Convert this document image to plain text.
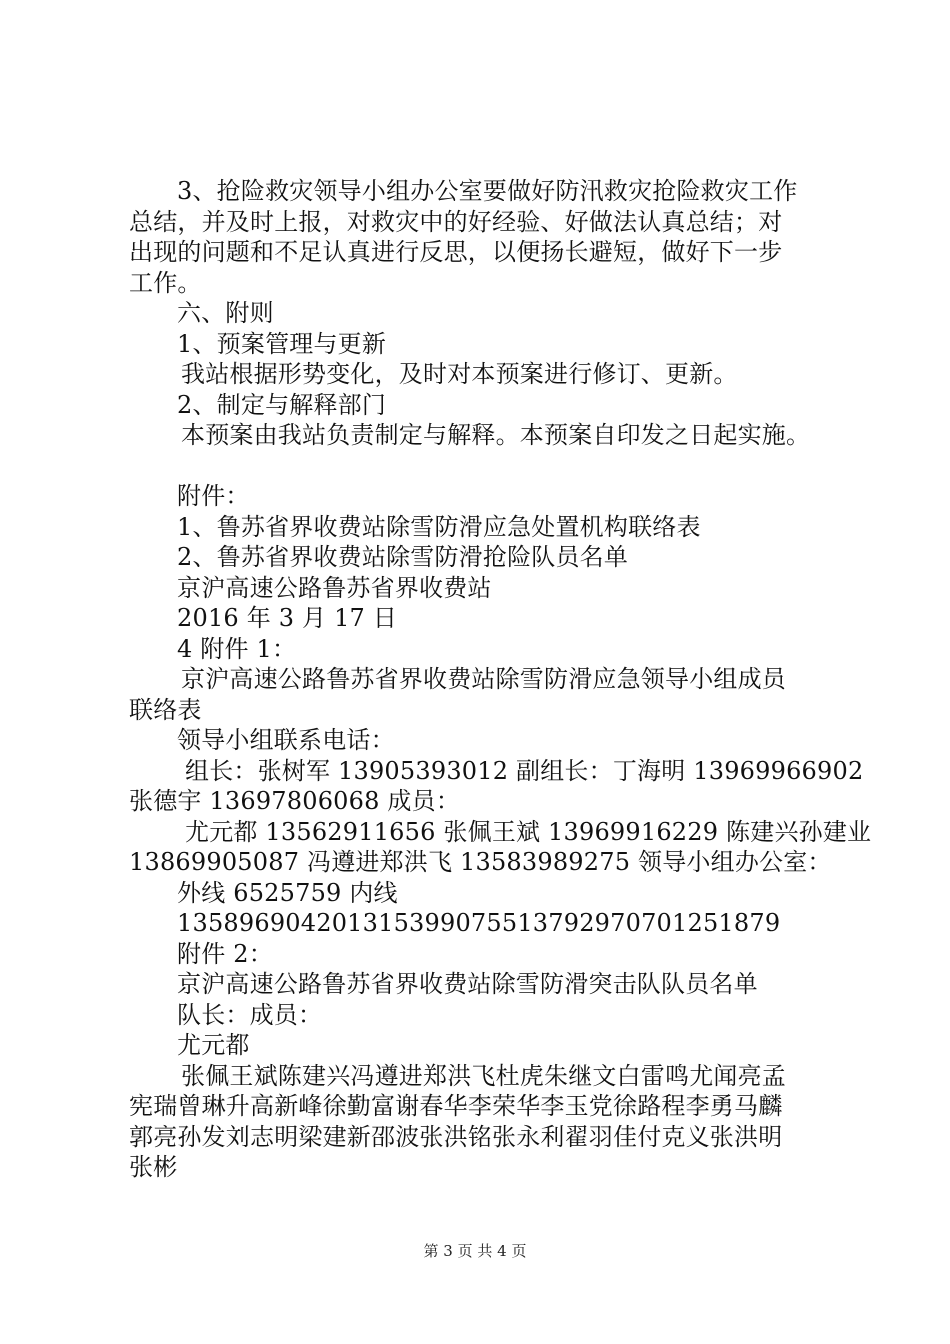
3、抢险救灾领导小组办公室要做好防汛救灾抢险救灾工作
总结，并及时上报，对救灾中的好经验、好做法认真总结；对
出现的问题和不足认真进行反思，以便扬长避短，做好下一步
工作。
六、附则
1、预案管理与更新
我站根据形势变化，及时对本预案进行修订、更新。
2、制定与解释部门
本预案由我站负责制定与解释。本预案自印发之日起实施。
附件：
1、鲁苏省界收费站除雪防滑应急处置机构联络表
2、鲁苏省界收费站除雪防滑抢险队员名单
京沪高速公路鲁苏省界收费站
2016 年 3 月 17 日
4 附件 1：
京沪高速公路鲁苏省界收费站除雪防滑应急领导小组成员
联络表
领导小组联系电话：
组长：张树军 13905393012 副组长：丁海明 13969966902
张德宇 13697806068 成员：
尤元都 13562911656 张佩王斌 13969916229 陈建兴孙建业
13869905087 冯遵进郑洪飞 13583989275 领导小组办公室：
外线 6525759 内线
1358969042013153990755137929707012​51879
附件 2：
京沪高速公路鲁苏省界收费站除雪防滑突击队队员名单
队长：成员：
尤元都
张佩王斌陈建兴冯遵进郑洪飞杜虎朱继文白雷鸣尤闻亮孟
宪瑞曾琳升高新峰徐勤富谢春华李荣华李玉党徐路程李勇马麟
郭亮孙发刘志明梁建新邵波张洪铭张永利翟羽佳付克义张洪明
张彬
第 3 页 共 4 页
